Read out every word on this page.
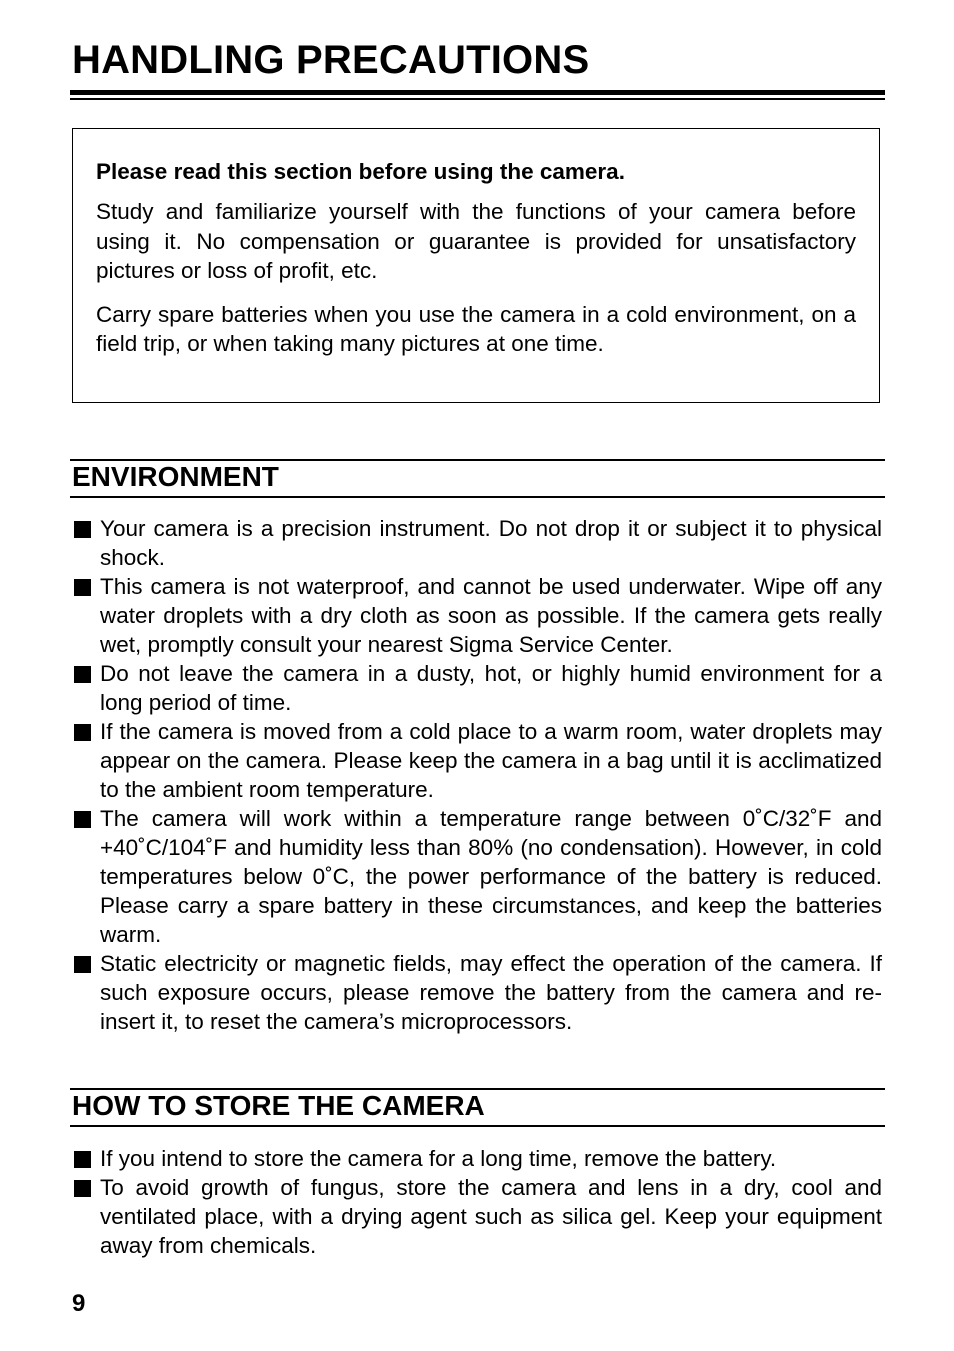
HANDLING PRECAUTIONS

Please read this section before using the camera.

Study and familiarize yourself with the functions of your camera before using it. No compensation or guarantee is provided for unsatisfactory pictures or loss of profit, etc.

Carry spare batteries when you use the camera in a cold environment, on a field trip, or when taking many pictures at one time.

ENVIRONMENT
Your camera is a precision instrument. Do not drop it or subject it to physical shock.
This camera is not waterproof, and cannot be used underwater. Wipe off any water droplets with a dry cloth as soon as possible. If the camera gets really wet, promptly consult your nearest Sigma Service Center.
Do not leave the camera in a dusty, hot, or highly humid environment for a long period of time.
If the camera is moved from a cold place to a warm room, water droplets may appear on the camera. Please keep the camera in a bag until it is acclimatized to the ambient room temperature.
The camera will work within a temperature range between 0˚C/32˚F and +40˚C/104˚F and humidity less than 80% (no condensation). However, in cold temperatures below 0˚C, the power performance of the battery is reduced. Please carry a spare battery in these circumstances, and keep the batteries warm.
Static electricity or magnetic fields, may effect the operation of the camera. If such exposure occurs, please remove the battery from the camera and re-insert it, to reset the camera’s microprocessors.
HOW TO STORE THE CAMERA
If you intend to store the camera for a long time, remove the battery.
To avoid growth of fungus, store the camera and lens in a dry, cool and ventilated place, with a drying agent such as silica gel. Keep your equipment away from chemicals.
9
